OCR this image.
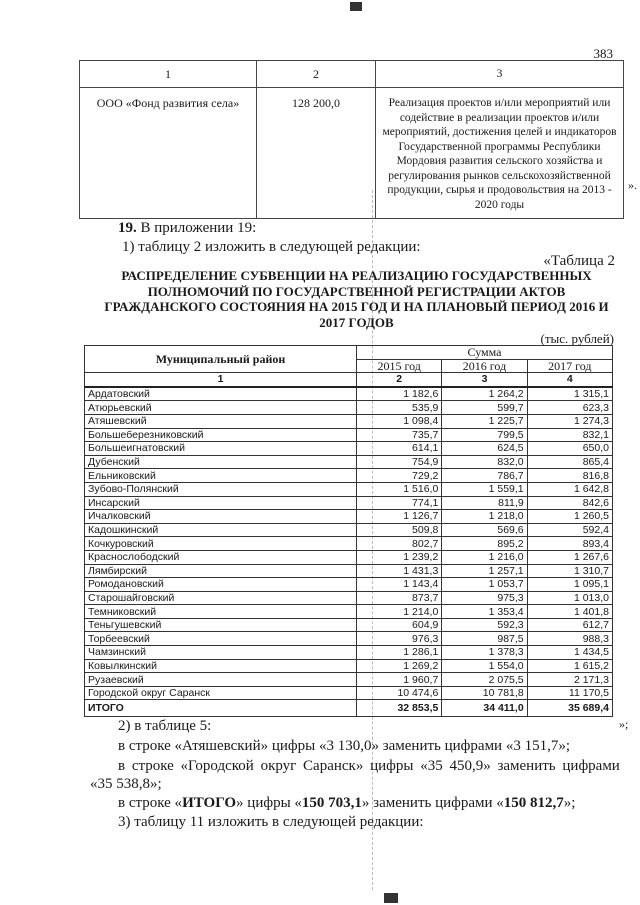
383
1	2	3
ООО «Фонд развития села»	128 200,0	Реализация проектов и/или мероприятий или содействие в реализации проектов и/или мероприятий, достижения целей и индикаторов Государственной программы Республики Мордовия развития сельского хозяйства и регулирования рынков сельскохозяйственной продукции, сырья и продовольствия на 2013 - 2020 годы
».
19. В приложении 19:
1) таблицу 2 изложить в следующей редакции:
«Таблица 2
РАСПРЕДЕЛЕНИЕ СУБВЕНЦИИ НА РЕАЛИЗАЦИЮ ГОСУДАРСТВЕННЫХ
ПОЛНОМОЧИЙ ПО ГОСУДАРСТВЕННОЙ РЕГИСТРАЦИИ АКТОВ
ГРАЖДАНСКОГО СОСТОЯНИЯ НА 2015 ГОД И НА ПЛАНОВЫЙ ПЕРИОД 2016 И
2017 ГОДОВ
(тыс. рублей)
Муниципальный район	Сумма		
	2015 год	2016 год	2017 год
1	2	3	4
Ардатовский	1 182,6	1 264,2	1 315,1
Атюрьевский	535,9	599,7	623,3
Атяшевский	1 098,4	1 225,7	1 274,3
Большеберезниковский	735,7	799,5	832,1
Большеигнатовский	614,1	624,5	650,0
Дубенский	754,9	832,0	865,4
Ельниковский	729,2	786,7	816,8
Зубово-Полянский	1 516,0	1 559,1	1 642,8
Инсарский	774,1	811,9	842,6
Ичалковский	1 126,7	1 218,0	1 260,5
Кадошкинский	509,8	569,6	592,4
Кочкуровский	802,7	895,2	893,4
Краснослободский	1 239,2	1 216,0	1 267,6
Лямбирский	1 431,3	1 257,1	1 310,7
Ромодановский	1 143,4	1 053,7	1 095,1
Старошайговский	873,7	975,3	1 013,0
Темниковский	1 214,0	1 353,4	1 401,8
Теньгушевский	604,9	592,3	612,7
Торбеевский	976,3	987,5	988,3
Чамзинский	1 286,1	1 378,3	1 434,5
Ковылкинский	1 269,2	1 554,0	1 615,2
Рузаевский	1 960,7	2 075,5	2 171,3
Городской округ Саранск	10 474,6	10 781,8	11 170,5
ИТОГО	32 853,5	34 411,0	35 689,4
»;
2) в таблице 5:
в строке «Атяшевский» цифры «3 130,0» заменить цифрами «3 151,7»;
в строке «Городской округ Саранск» цифры «35 450,9» заменить цифрами
«35 538,8»;
в строке «ИТОГО» цифры «150 703,1» заменить цифрами «150 812,7»;
3) таблицу 11 изложить в следующей редакции:
